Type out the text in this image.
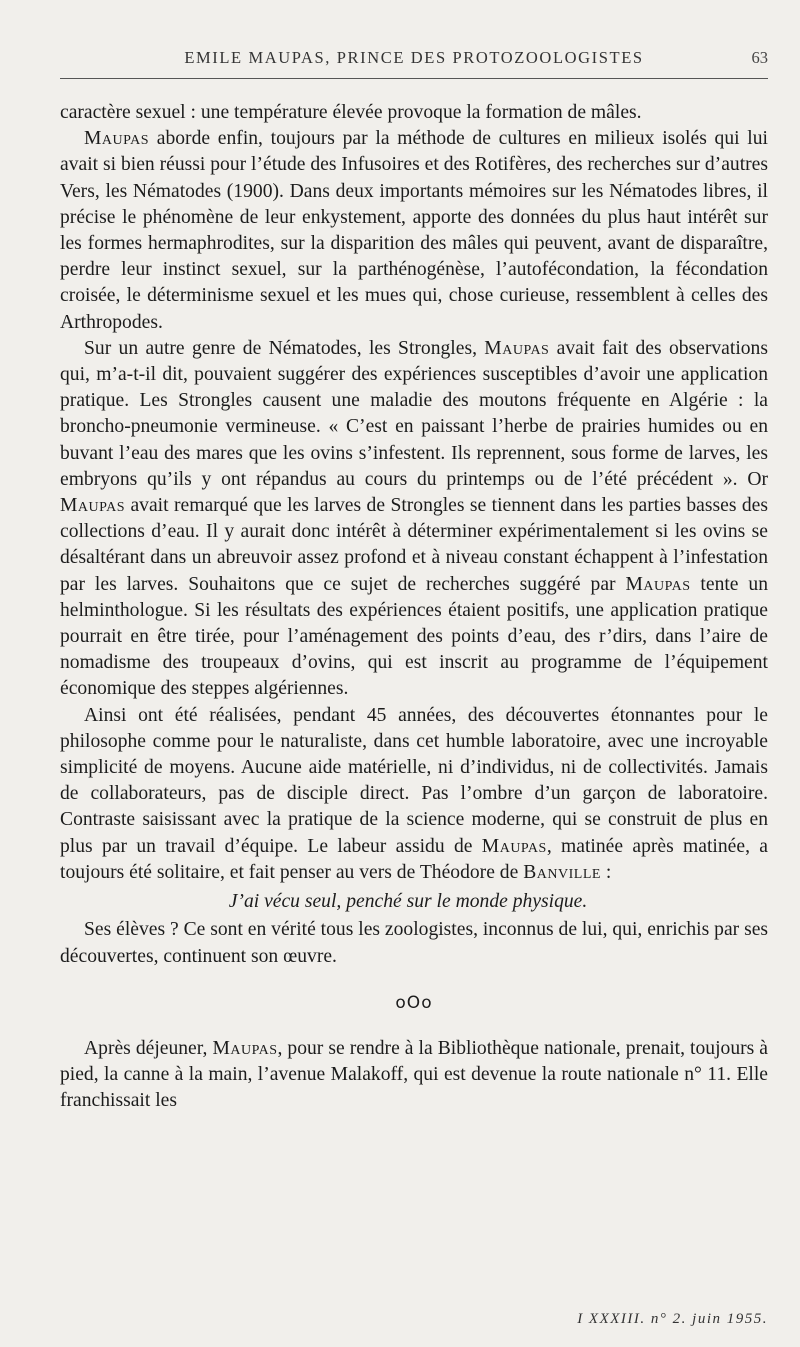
EMILE MAUPAS, PRINCE DES PROTOZOOLOGISTES	63

caractère sexuel : une température élevée provoque la formation de mâles.

Maupas aborde enfin, toujours par la méthode de cultures en milieux isolés qui lui avait si bien réussi pour l’étude des Infusoires et des Rotifères, des recherches sur d’autres Vers, les Nématodes (1900). Dans deux importants mémoires sur les Nématodes libres, il précise le phénomène de leur enkystement, apporte des données du plus haut intérêt sur les formes hermaphrodites, sur la disparition des mâles qui peuvent, avant de disparaître, perdre leur instinct sexuel, sur la parthénogénèse, l’autofécondation, la fécondation croisée, le déterminisme sexuel et les mues qui, chose curieuse, ressemblent à celles des Arthropodes.

Sur un autre genre de Nématodes, les Strongles, Maupas avait fait des observations qui, m’a-t-il dit, pouvaient suggérer des expériences susceptibles d’avoir une application pratique. Les Strongles causent une maladie des moutons fréquente en Algérie : la broncho-pneumonie vermineuse. « C’est en paissant l’herbe de prairies humides ou en buvant l’eau des mares que les ovins s’infestent. Ils reprennent, sous forme de larves, les embryons qu’ils y ont répandus au cours du printemps ou de l’été précédent ». Or Maupas avait remarqué que les larves de Strongles se tiennent dans les parties basses des collections d’eau. Il y aurait donc intérêt à déterminer expérimentalement si les ovins se désaltérant dans un abreuvoir assez profond et à niveau constant échappent à l’infestation par les larves. Souhaitons que ce sujet de recherches suggéré par Maupas tente un helminthologue. Si les résultats des expériences étaient positifs, une application pratique pourrait en être tirée, pour l’aménagement des points d’eau, des r’dirs, dans l’aire de nomadisme des troupeaux d’ovins, qui est inscrit au programme de l’équipement économique des steppes algériennes.

Ainsi ont été réalisées, pendant 45 années, des découvertes étonnantes pour le philosophe comme pour le naturaliste, dans cet humble laboratoire, avec une incroyable simplicité de moyens. Aucune aide matérielle, ni d’individus, ni de collectivités. Jamais de collaborateurs, pas de disciple direct. Pas l’ombre d’un garçon de laboratoire. Contraste saisissant avec la pratique de la science moderne, qui se construit de plus en plus par un travail d’équipe. Le labeur assidu de Maupas, matinée après matinée, a toujours été solitaire, et fait penser au vers de Théodore de Banville :

J’ai vécu seul, penché sur le monde physique.

Ses élèves ? Ce sont en vérité tous les zoologistes, inconnus de lui, qui, enrichis par ses découvertes, continuent son œuvre.

oOo

Après déjeuner, Maupas, pour se rendre à la Bibliothèque nationale, prenait, toujours à pied, la canne à la main, l’avenue Malakoff, qui est devenue la route nationale n° 11. Elle franchissait les

I XXXIII. n° 2. juin 1955.
